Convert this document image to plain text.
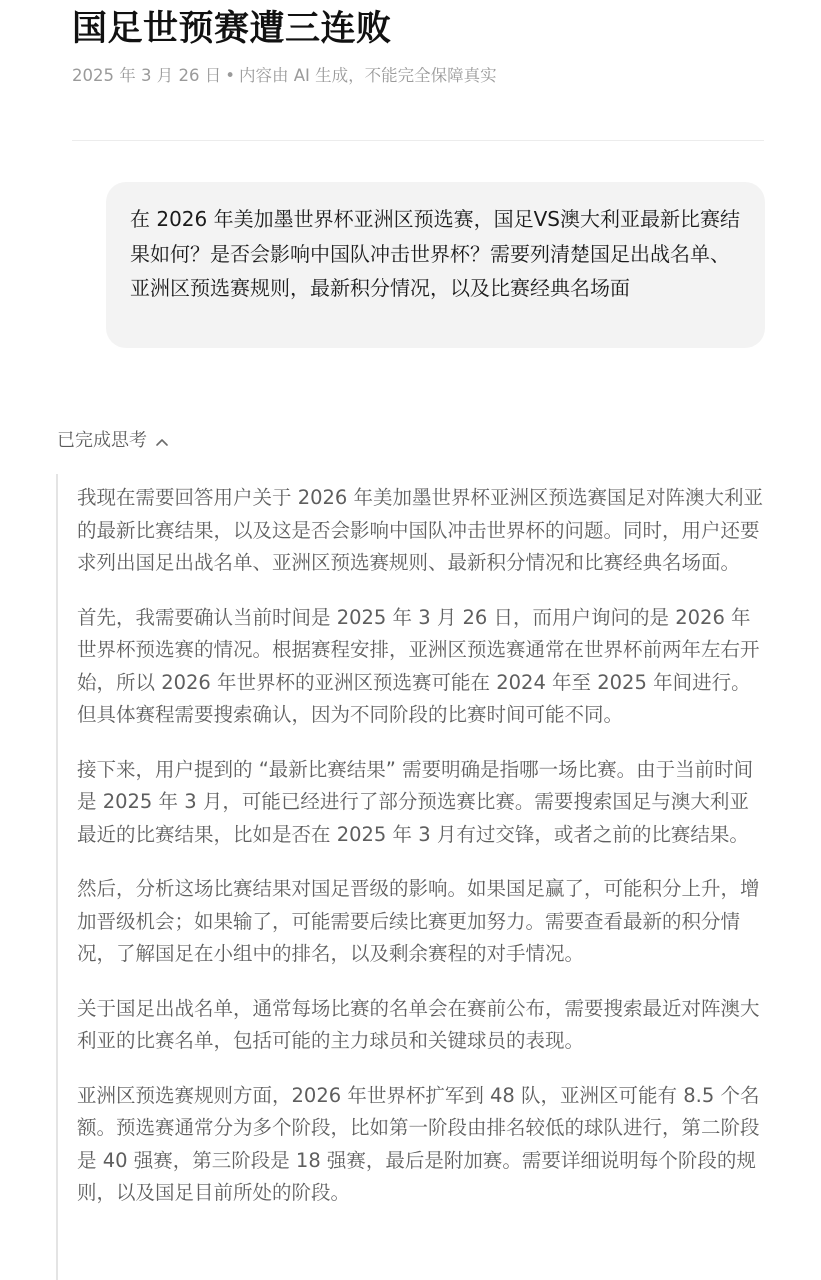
国足世预赛遭三连败
2025 年 3 月 26 日 • 内容由 AI 生成，不能完全保障真实
在 2026 年美加墨世界杯亚洲区预选赛，国足VS澳大利亚最新比赛结果如何？是否会影响中国队冲击世界杯？需要列清楚国足出战名单、亚洲区预选赛规则，最新积分情况，以及比赛经典名场面
已完成思考

我现在需要回答用户关于 2026 年美加墨世界杯亚洲区预选赛国足对阵澳大利亚的最新比赛结果，以及这是否会影响中国队冲击世界杯的问题。同时，用户还要求列出国足出战名单、亚洲区预选赛规则、最新积分情况和比赛经典名场面。

首先，我需要确认当前时间是 2025 年 3 月 26 日，而用户询问的是 2026 年世界杯预选赛的情况。根据赛程安排，亚洲区预选赛通常在世界杯前两年左右开始，所以 2026 年世界杯的亚洲区预选赛可能在 2024 年至 2025 年间进行。但具体赛程需要搜索确认，因为不同阶段的比赛时间可能不同。

接下来，用户提到的 “最新比赛结果” 需要明确是指哪一场比赛。由于当前时间是 2025 年 3 月，可能已经进行了部分预选赛比赛。需要搜索国足与澳大利亚最近的比赛结果，比如是否在 2025 年 3 月有过交锋，或者之前的比赛结果。

然后，分析这场比赛结果对国足晋级的影响。如果国足赢了，可能积分上升，增加晋级机会；如果输了，可能需要后续比赛更加努力。需要查看最新的积分情况，了解国足在小组中的排名，以及剩余赛程的对手情况。

关于国足出战名单，通常每场比赛的名单会在赛前公布，需要搜索最近对阵澳大利亚的比赛名单，包括可能的主力球员和关键球员的表现。

亚洲区预选赛规则方面，2026 年世界杯扩军到 48 队，亚洲区可能有 8.5 个名额。预选赛通常分为多个阶段，比如第一阶段由排名较低的球队进行，第二阶段是 40 强赛，第三阶段是 18 强赛，最后是附加赛。需要详细说明每个阶段的规则，以及国足目前所处的阶段。
